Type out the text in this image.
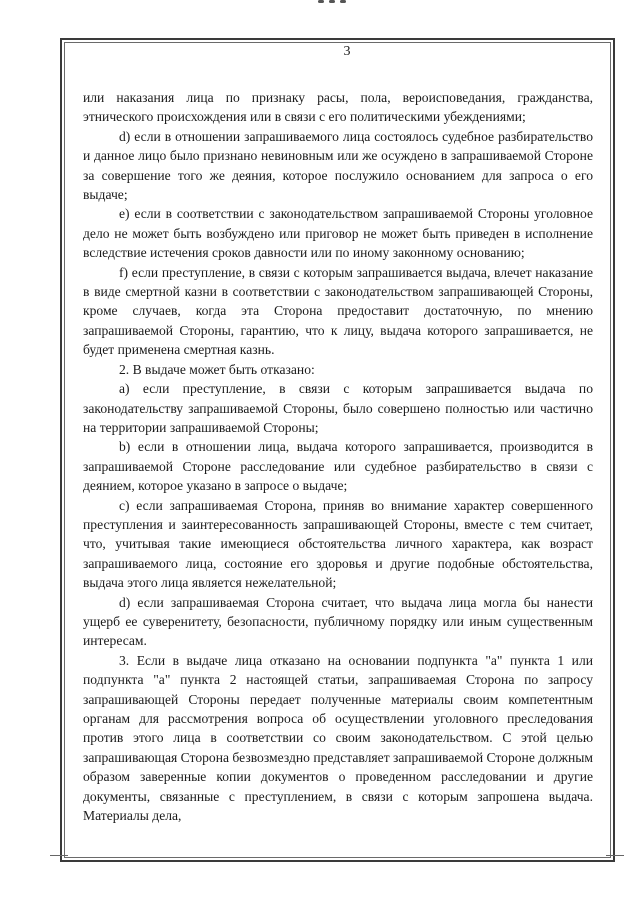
3

или наказания лица по признаку расы, пола, вероисповедания, гражданства, этнического происхождения или в связи с его политическими убеждениями;

d) если в отношении запрашиваемого лица состоялось судебное разбирательство и данное лицо было признано невиновным или же осуждено в запрашиваемой Стороне за совершение того же деяния, которое послужило основанием для запроса о его выдаче;

е) если в соответствии с законодательством запрашиваемой Стороны уголовное дело не может быть возбуждено или приговор не может быть приведен в исполнение вследствие истечения сроков давности или по иному законному основанию;

f) если преступление, в связи с которым запрашивается выдача, влечет наказание в виде смертной казни в соответствии с законодательством запрашивающей Стороны, кроме случаев, когда эта Сторона предоставит достаточную, по мнению запрашиваемой Стороны, гарантию, что к лицу, выдача которого запрашивается, не будет применена смертная казнь.

2. В выдаче может быть отказано:

а) если преступление, в связи с которым запрашивается выдача по законодательству запрашиваемой Стороны, было совершено полностью или частично на территории запрашиваемой Стороны;

b) если в отношении лица, выдача которого запрашивается, производится в запрашиваемой Стороне расследование или судебное разбирательство в связи с деянием, которое указано в запросе о выдаче;

c) если запрашиваемая Сторона, приняв во внимание характер совершенного преступления и заинтересованность запрашивающей Стороны, вместе с тем считает, что, учитывая такие имеющиеся обстоятельства личного характера, как возраст запрашиваемого лица, состояние его здоровья и другие подобные обстоятельства, выдача этого лица является нежелательной;

d) если запрашиваемая Сторона считает, что выдача лица могла бы нанести ущерб ее суверенитету, безопасности, публичному порядку или иным существенным интересам.

3. Если в выдаче лица отказано на основании подпункта "а" пункта 1 или подпункта "а" пункта 2 настоящей статьи, запрашиваемая Сторона по запросу запрашивающей Стороны передает полученные материалы своим компетентным органам для рассмотрения вопроса об осуществлении уголовного преследования против этого лица в соответствии со своим законодательством. С этой целью запрашивающая Сторона безвозмездно представляет запрашиваемой Стороне должным образом заверенные копии документов о проведенном расследовании и другие документы, связанные с преступлением, в связи с которым запрошена выдача. Материалы дела,
